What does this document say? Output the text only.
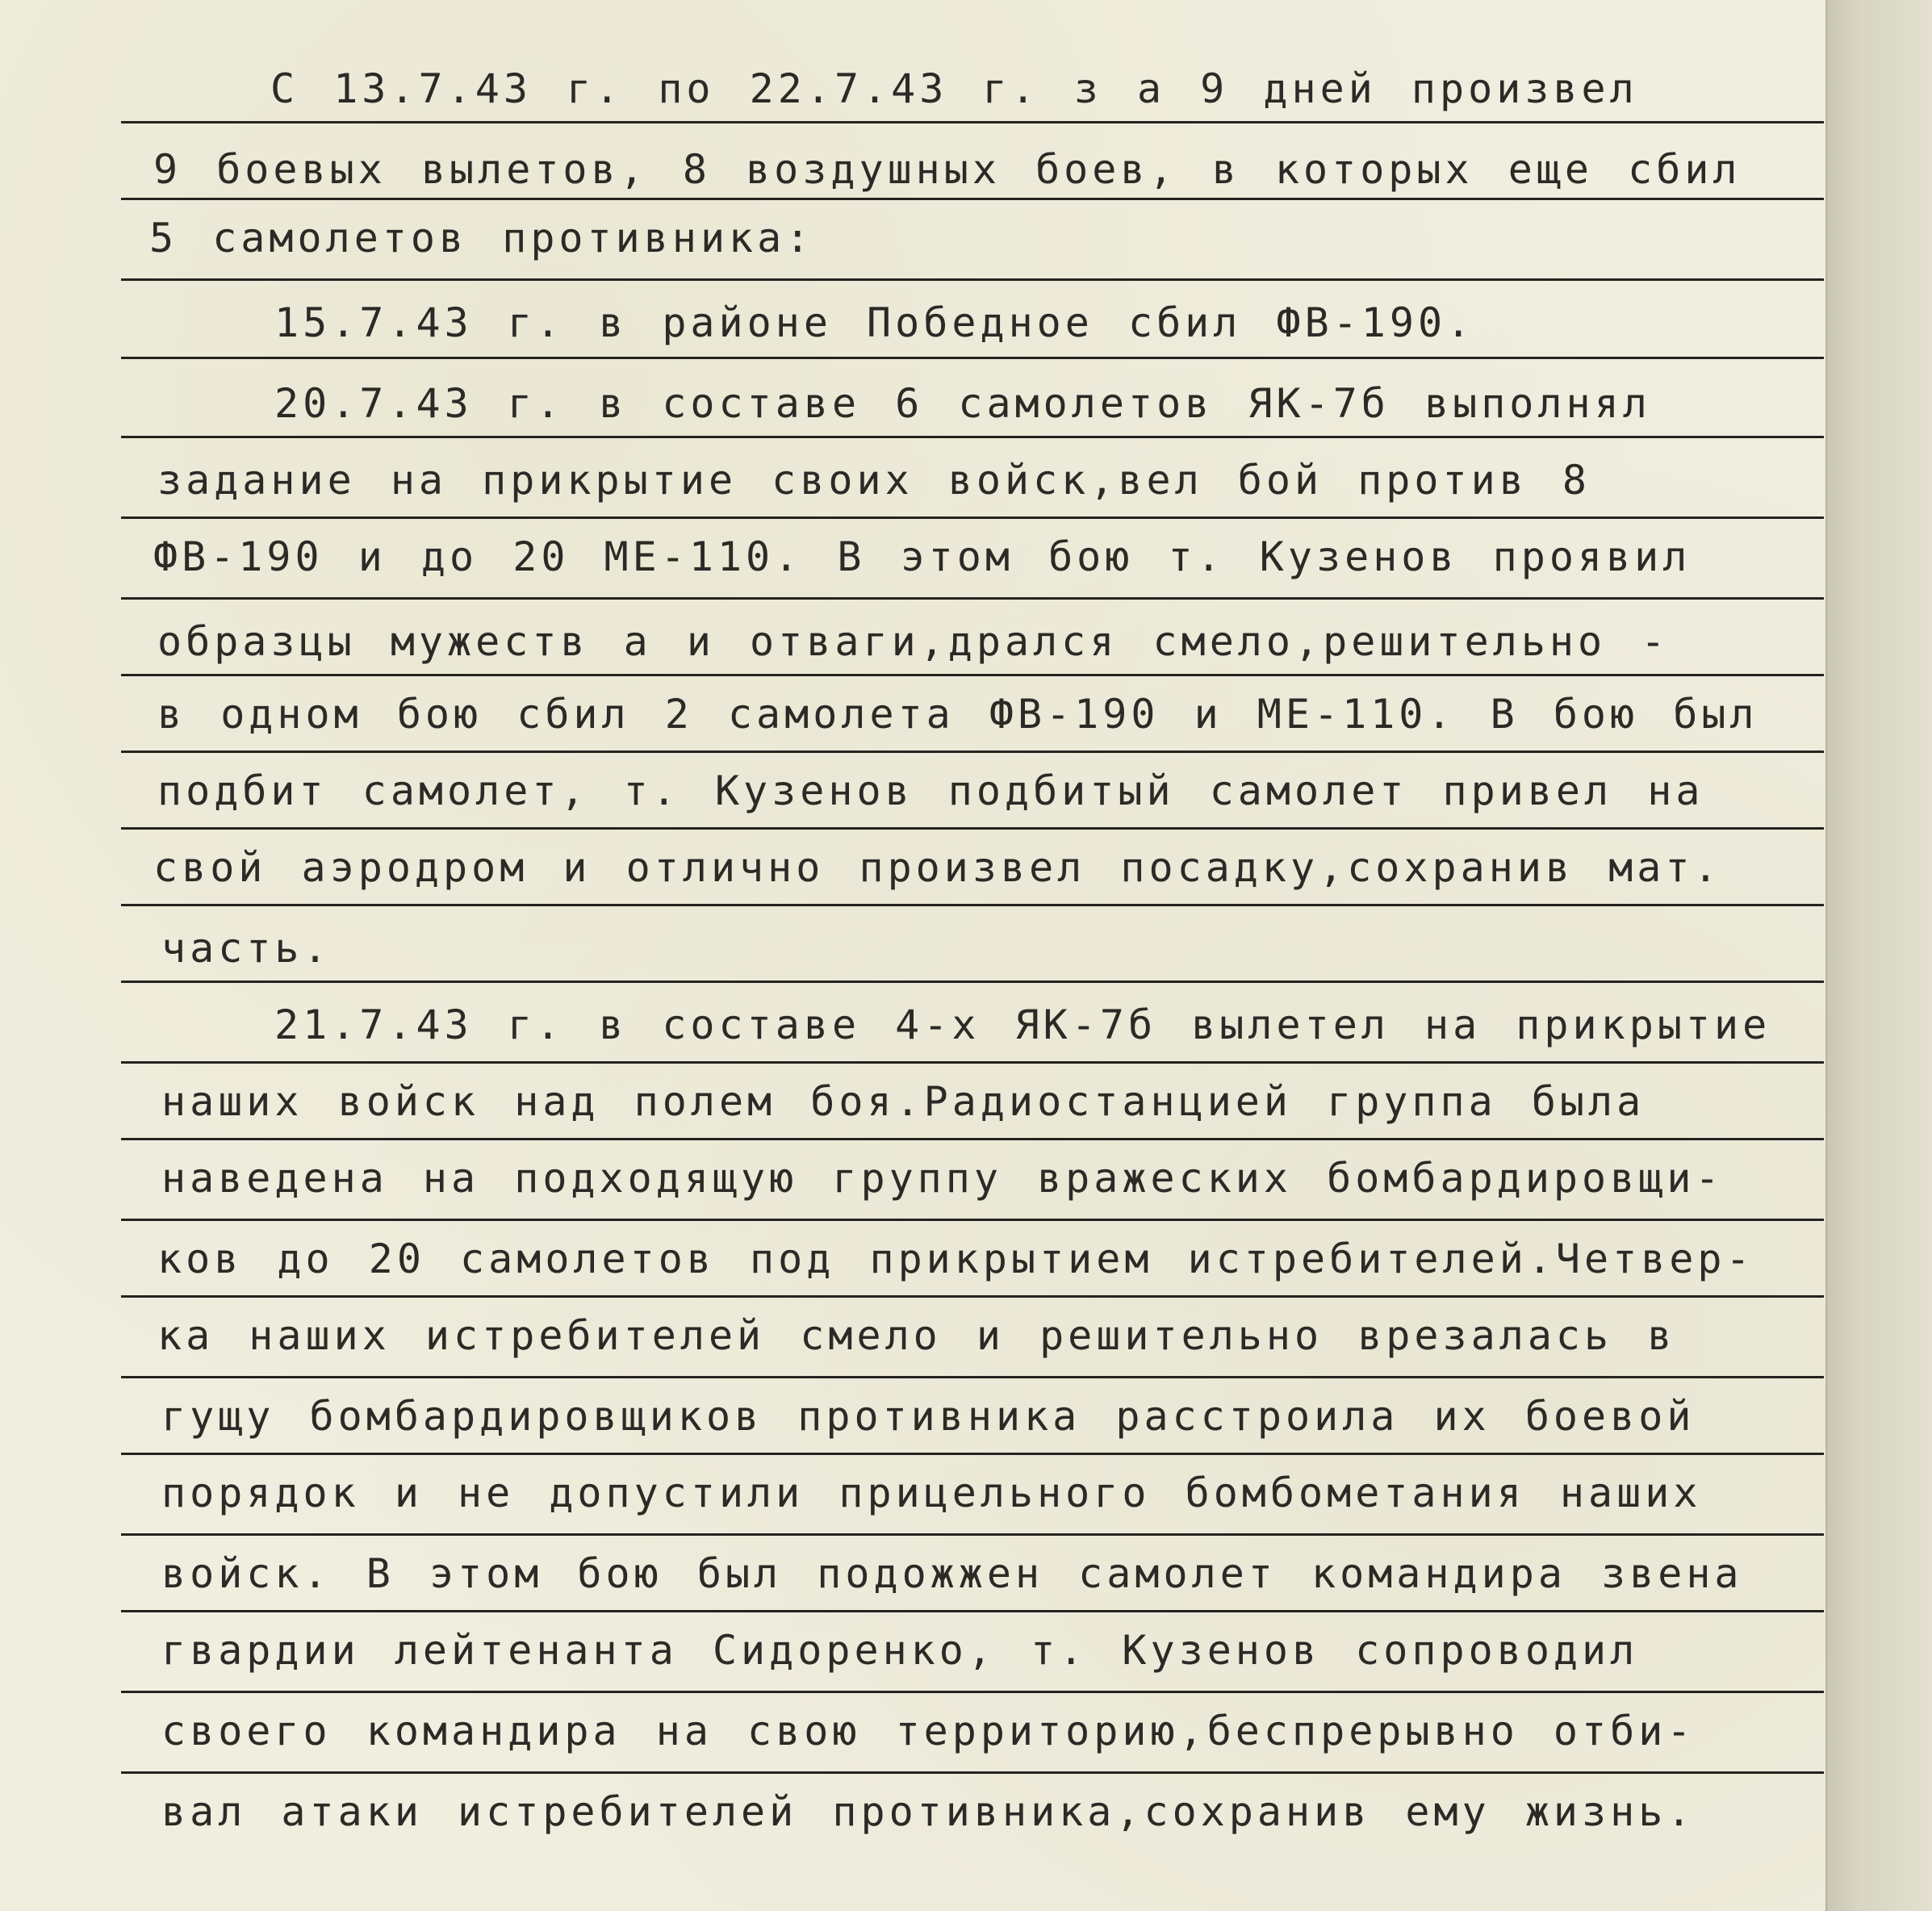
С 13.7.43 г. по 22.7.43 г. з а 9 дней произвел
9 боевых вылетов, 8 воздушных боев, в которых еще сбил
5 самолетов противника:
15.7.43 г. в районе Победное сбил ФВ-190.
20.7.43 г. в составе 6 самолетов ЯК-7б выполнял
задание на прикрытие своих войск,вел бой против 8
ФВ-190 и до 20 МЕ-110. В этом бою т. Кузенов проявил
образцы мужеств а и отваги,дрался смело,решительно -
в одном бою сбил 2 самолета ФВ-190 и МЕ-110. В бою был
подбит самолет, т. Кузенов подбитый самолет привел на
свой аэродром и отлично произвел посадку,сохранив мат.
часть.
21.7.43 г. в составе 4-х ЯК-7б вылетел на прикрытие
наших войск над полем боя.Радиостанцией группа была
наведена на подходящую группу вражеских бомбардировщи-
ков до 20 самолетов под прикрытием истребителей.Четвер-
ка наших истребителей смело и решительно врезалась в
гущу бомбардировщиков противника расстроила их боевой
порядок и не допустили прицельного бомбометания наших
войск. В этом бою был подожжен самолет командира звена
гвардии лейтенанта Сидоренко, т. Кузенов сопроводил
своего командира на свою территорию,беспрерывно отби-
вал атаки истребителей противника,сохранив ему жизнь.
